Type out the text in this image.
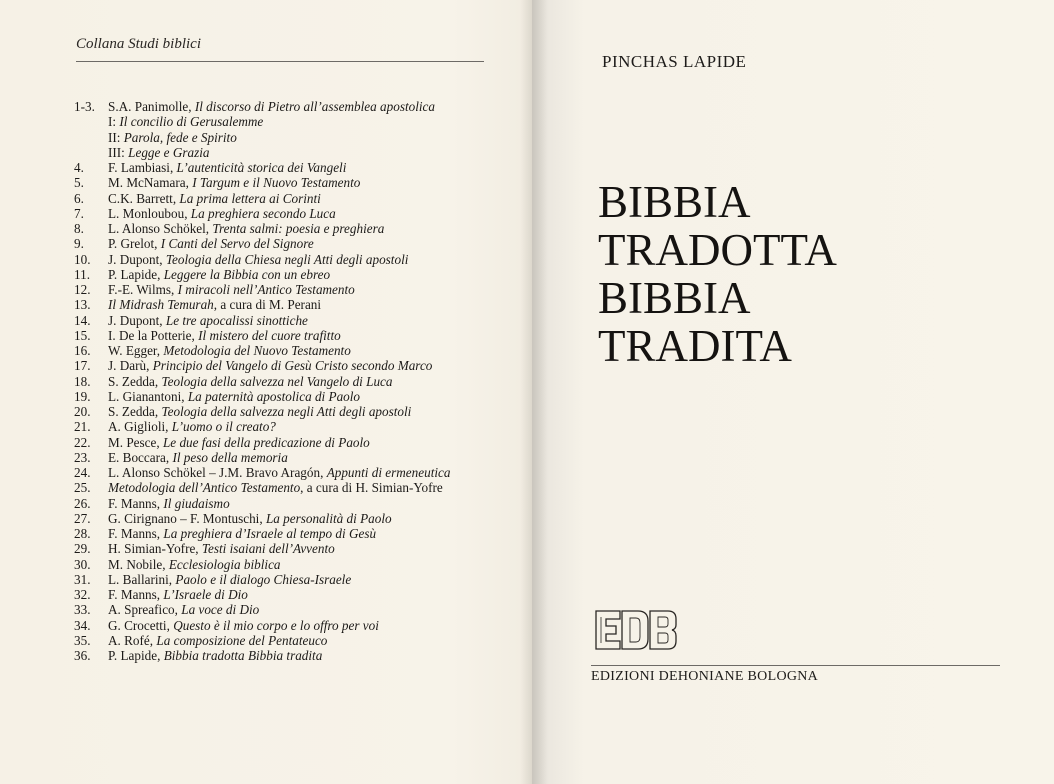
Collana Studi biblici
1-3. S.A. Panimolle, Il discorso di Pietro all’assemblea apostolica
I: Il concilio di Gerusalemme
II: Parola, fede e Spirito
III: Legge e Grazia
4.	F. Lambiasi, L’autenticità storica dei Vangeli
5.	M. McNamara, I Targum e il Nuovo Testamento
6.	C.K. Barrett, La prima lettera ai Corinti
7.	L. Monloubou, La preghiera secondo Luca
8.	L. Alonso Schökel, Trenta salmi: poesia e preghiera
9.	P. Grelot, I Canti del Servo del Signore
10.	J. Dupont, Teologia della Chiesa negli Atti degli apostoli
11.	P. Lapide, Leggere la Bibbia con un ebreo
12.	F.-E. Wilms, I miracoli nell’Antico Testamento
13.	Il Midrash Temurah, a cura di M. Perani
14.	J. Dupont, Le tre apocalissi sinottiche
15.	I. De la Potterie, Il mistero del cuore trafitto
16.	W. Egger, Metodologia del Nuovo Testamento
17.	J. Darù, Principio del Vangelo di Gesù Cristo secondo Marco
18.	S. Zedda, Teologia della salvezza nel Vangelo di Luca
19.	L. Gianantoni, La paternità apostolica di Paolo
20.	S. Zedda, Teologia della salvezza negli Atti degli apostoli
21.	A. Giglioli, L’uomo o il creato?
22.	M. Pesce, Le due fasi della predicazione di Paolo
23.	E. Boccara, Il peso della memoria
24.	L. Alonso Schökel – J.M. Bravo Aragón, Appunti di ermeneutica
25.	Metodologia dell’Antico Testamento, a cura di H. Simian-Yofre
26.	F. Manns, Il giudaismo
27.	G. Cirignano – F. Montuschi, La personalità di Paolo
28.	F. Manns, La preghiera d’Israele al tempo di Gesù
29.	H. Simian-Yofre, Testi isaiani dell’Avvento
30.	M. Nobile, Ecclesiologia biblica
31.	L. Ballarini, Paolo e il dialogo Chiesa-Israele
32.	F. Manns, L’Israele di Dio
33.	A. Spreafico, La voce di Dio
34.	G. Crocetti, Questo è il mio corpo e lo offro per voi
35.	A. Rofé, La composizione del Pentateuco
36.	P. Lapide, Bibbia tradotta Bibbia tradita
PINCHAS LAPIDE
BIBBIA
TRADOTTA
BIBBIA
TRADITA
EDIZIONI DEHONIANE BOLOGNA
